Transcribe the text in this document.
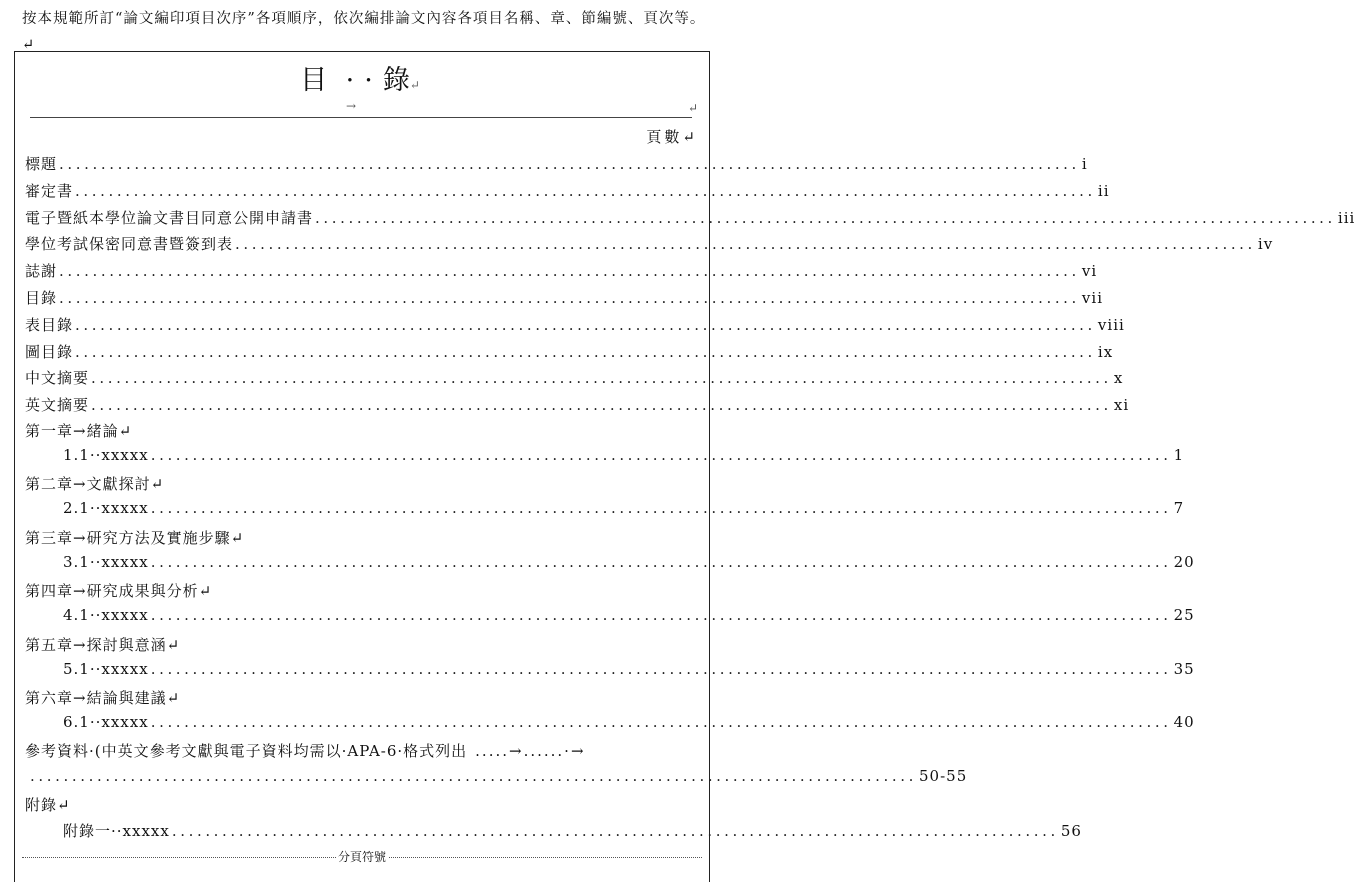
按本規範所訂“論文編印項目次序”各項順序，依次編排論文內容各項目名稱、章、節編號、頁次等。↵
目 ··錄↵
→	↵
頁數↵
標題 .......................................................................................................................... i
審定書 .......................................................................................................................... ii
電子暨紙本學位論文書目同意公開申請書 .......................................................................................................................... iii
學位考試保密同意書暨簽到表 .......................................................................................................................... iv
誌謝 .......................................................................................................................... vi
目錄 .......................................................................................................................... vii
表目錄 .......................................................................................................................... viii
圖目錄 .......................................................................................................................... ix
中文摘要 .......................................................................................................................... x
英文摘要 .......................................................................................................................... xi
第一章→緒論↵
1.1··xxxxx .......................................................................................................................... 1
第二章→文獻探討↵
2.1··xxxxx .......................................................................................................................... 7
第三章→研究方法及實施步驟↵
3.1··xxxxx .......................................................................................................................... 20
第四章→研究成果與分析↵
4.1··xxxxx .......................................................................................................................... 25
第五章→探討與意涵↵
5.1··xxxxx .......................................................................................................................... 35
第六章→結論與建議↵
6.1··xxxxx .......................................................................................................................... 40
參考資料·(中英文參考文獻與電子資料均需以·APA-6·格式列出 .....→......·→
.......................................................................................................... 50-55
附錄↵
附錄一··xxxxx .......................................................................................................... 56
分頁符號
